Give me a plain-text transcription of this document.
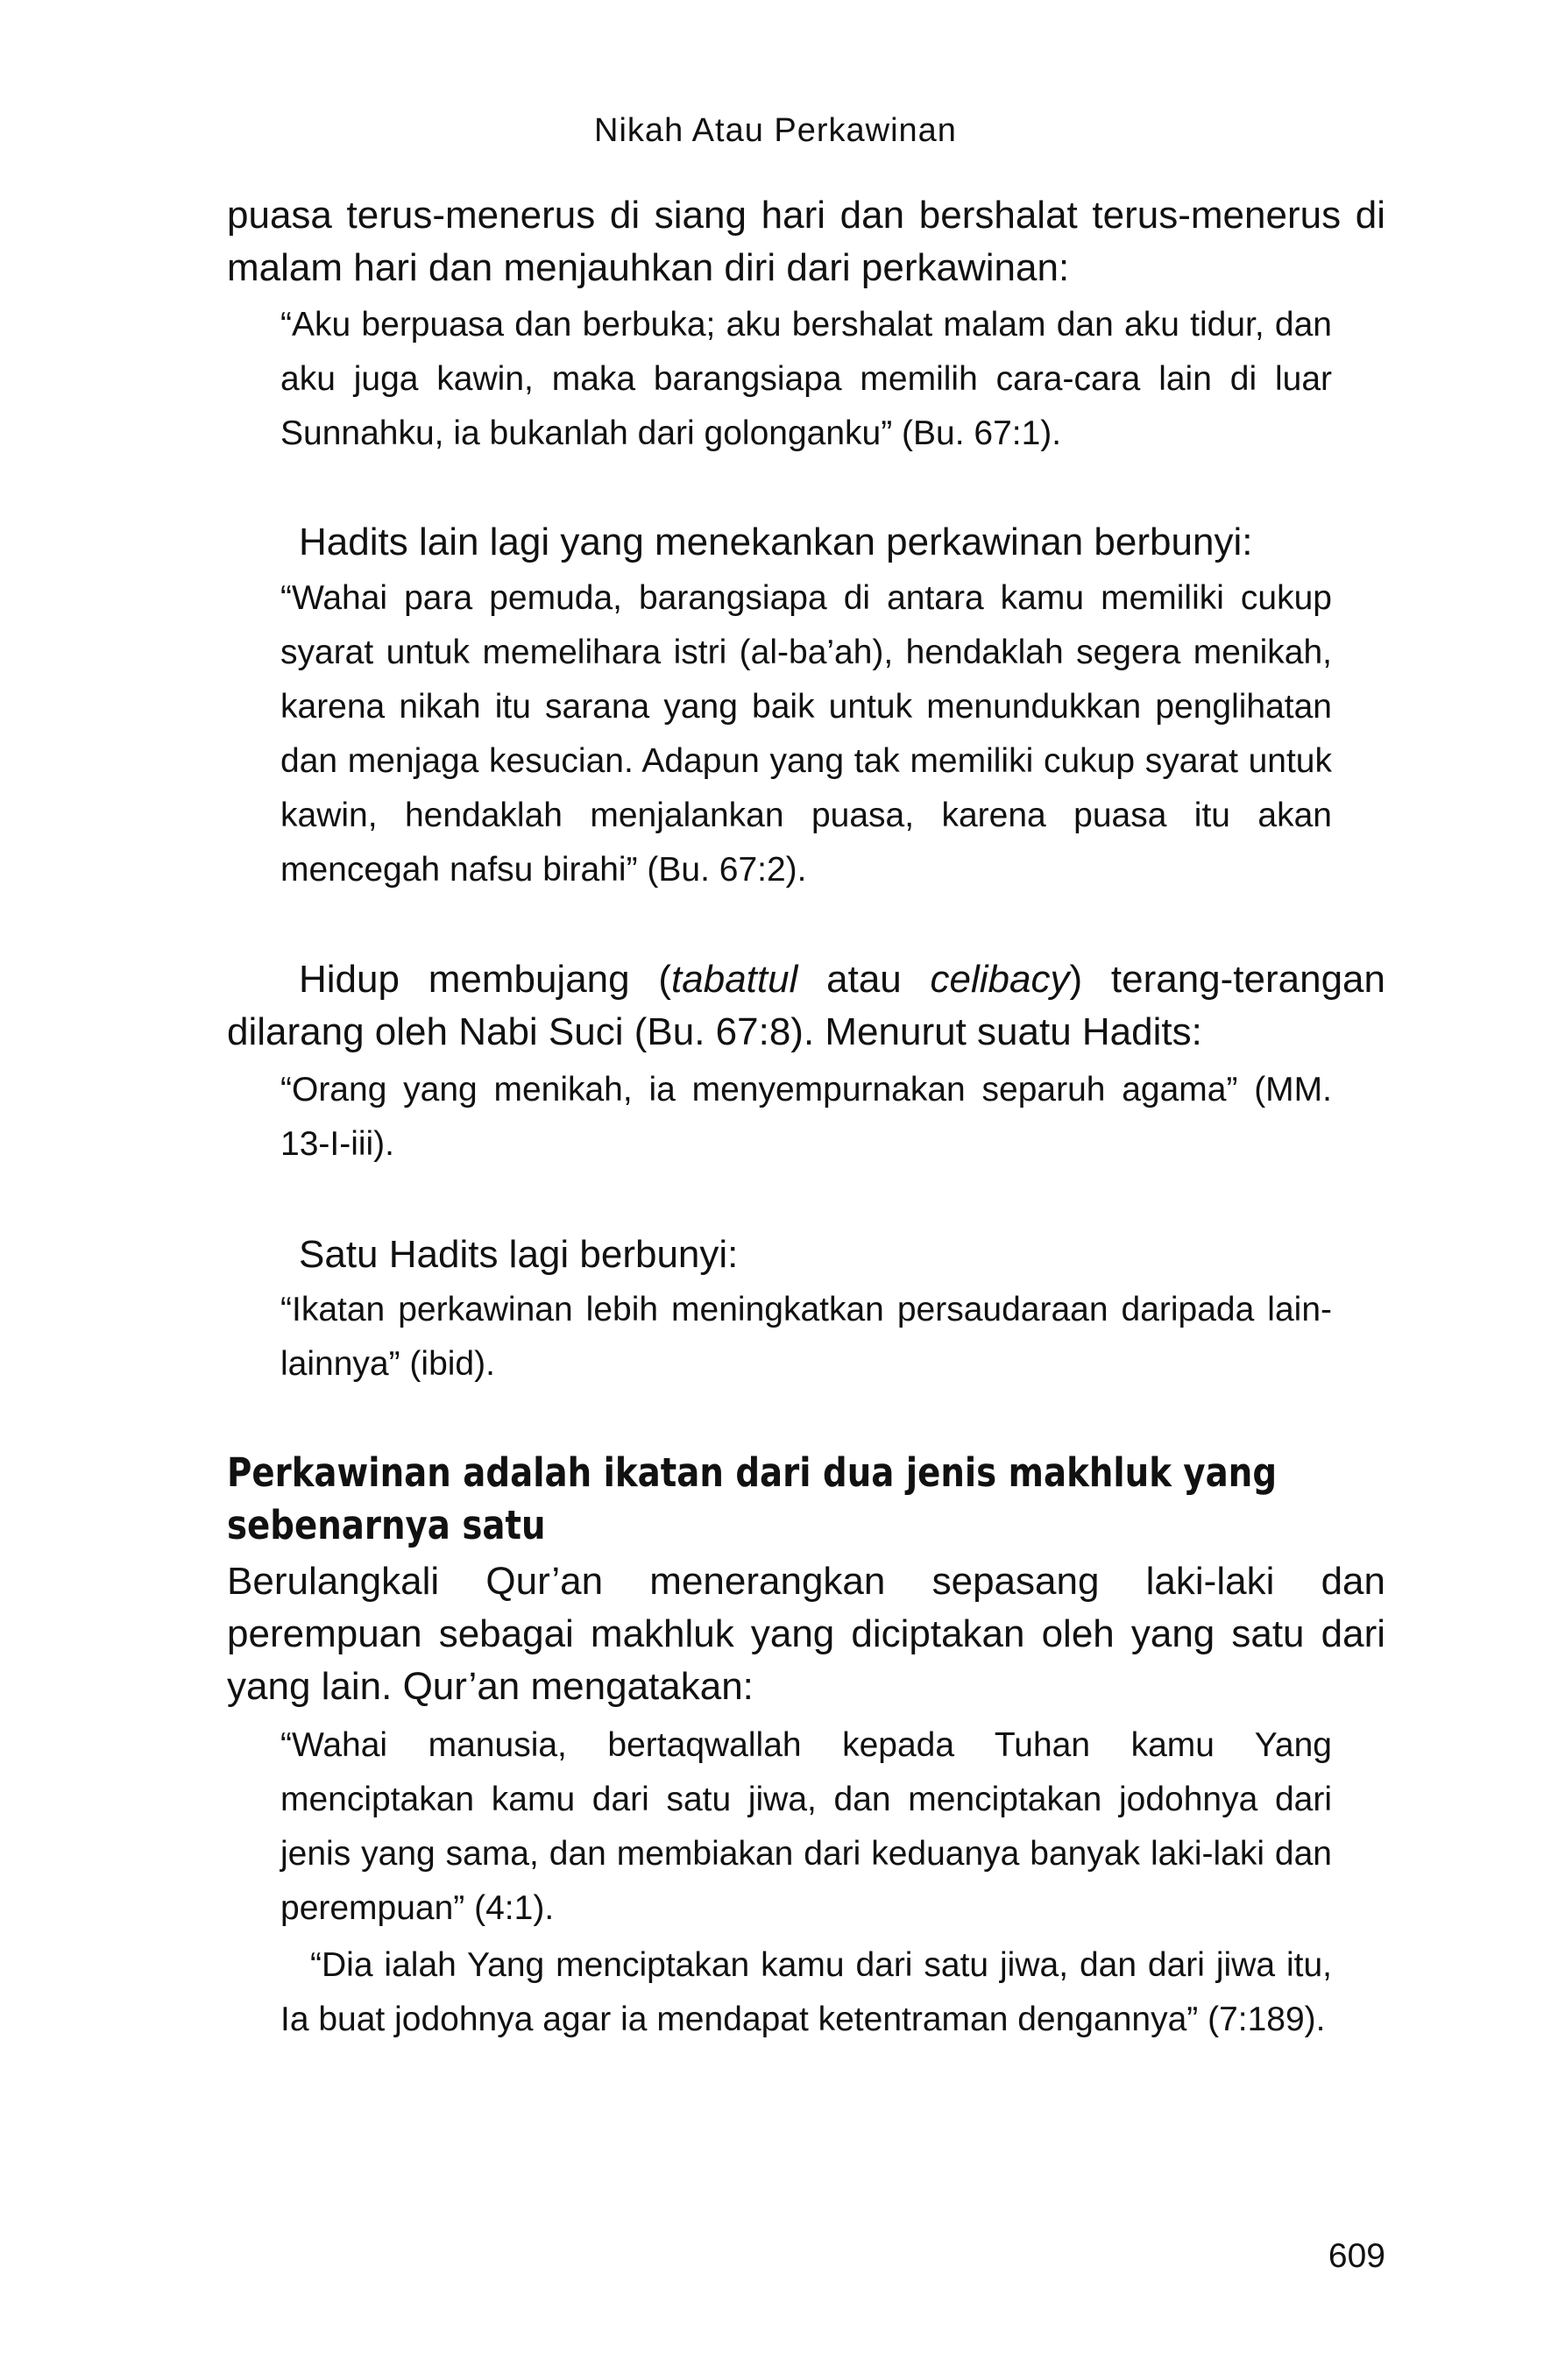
Nikah Atau Perkawinan

puasa terus-menerus di siang hari dan bershalat terus-menerus di malam hari dan menjauhkan diri dari perkawinan:

“Aku berpuasa dan berbuka; aku bershalat malam dan aku tidur, dan aku juga kawin, maka barangsiapa memilih cara-cara lain di luar Sunnahku, ia bukanlah dari golonganku” (Bu. 67:1).

Hadits lain lagi yang menekankan perkawinan berbunyi:

“Wahai para pemuda, barangsiapa di antara kamu memiliki cukup syarat untuk memelihara istri (al-ba’ah), hendaklah segera menikah, karena nikah itu sarana yang baik untuk menundukkan penglihatan dan menjaga kesucian. Adapun yang tak memiliki cukup syarat untuk kawin, hendaklah menjalankan puasa, karena puasa itu akan mencegah nafsu birahi” (Bu. 67:2).

Hidup membujang (tabattul atau celibacy) terang-terangan dilarang oleh Nabi Suci (Bu. 67:8). Menurut suatu Hadits:

“Orang yang menikah, ia menyempurnakan separuh agama” (MM. 13-I-iii).

Satu Hadits lagi berbunyi:

“Ikatan perkawinan lebih meningkatkan persaudaraan daripada lain-lainnya” (ibid).

Perkawinan adalah ikatan dari dua jenis makhluk yang

sebenarnya satu

Berulangkali Qur’an menerangkan sepasang laki-laki dan perempuan sebagai makhluk yang diciptakan oleh yang satu dari yang lain. Qur’an mengatakan:

“Wahai manusia, bertaqwallah kepada Tuhan kamu Yang menciptakan kamu dari satu jiwa, dan menciptakan jodohnya dari jenis yang sama, dan membiakan dari keduanya banyak laki-laki dan perempuan” (4:1).

“Dia ialah Yang menciptakan kamu dari satu jiwa, dan dari jiwa itu, Ia buat jodohnya agar ia mendapat ketentraman dengannya” (7:189).

609
